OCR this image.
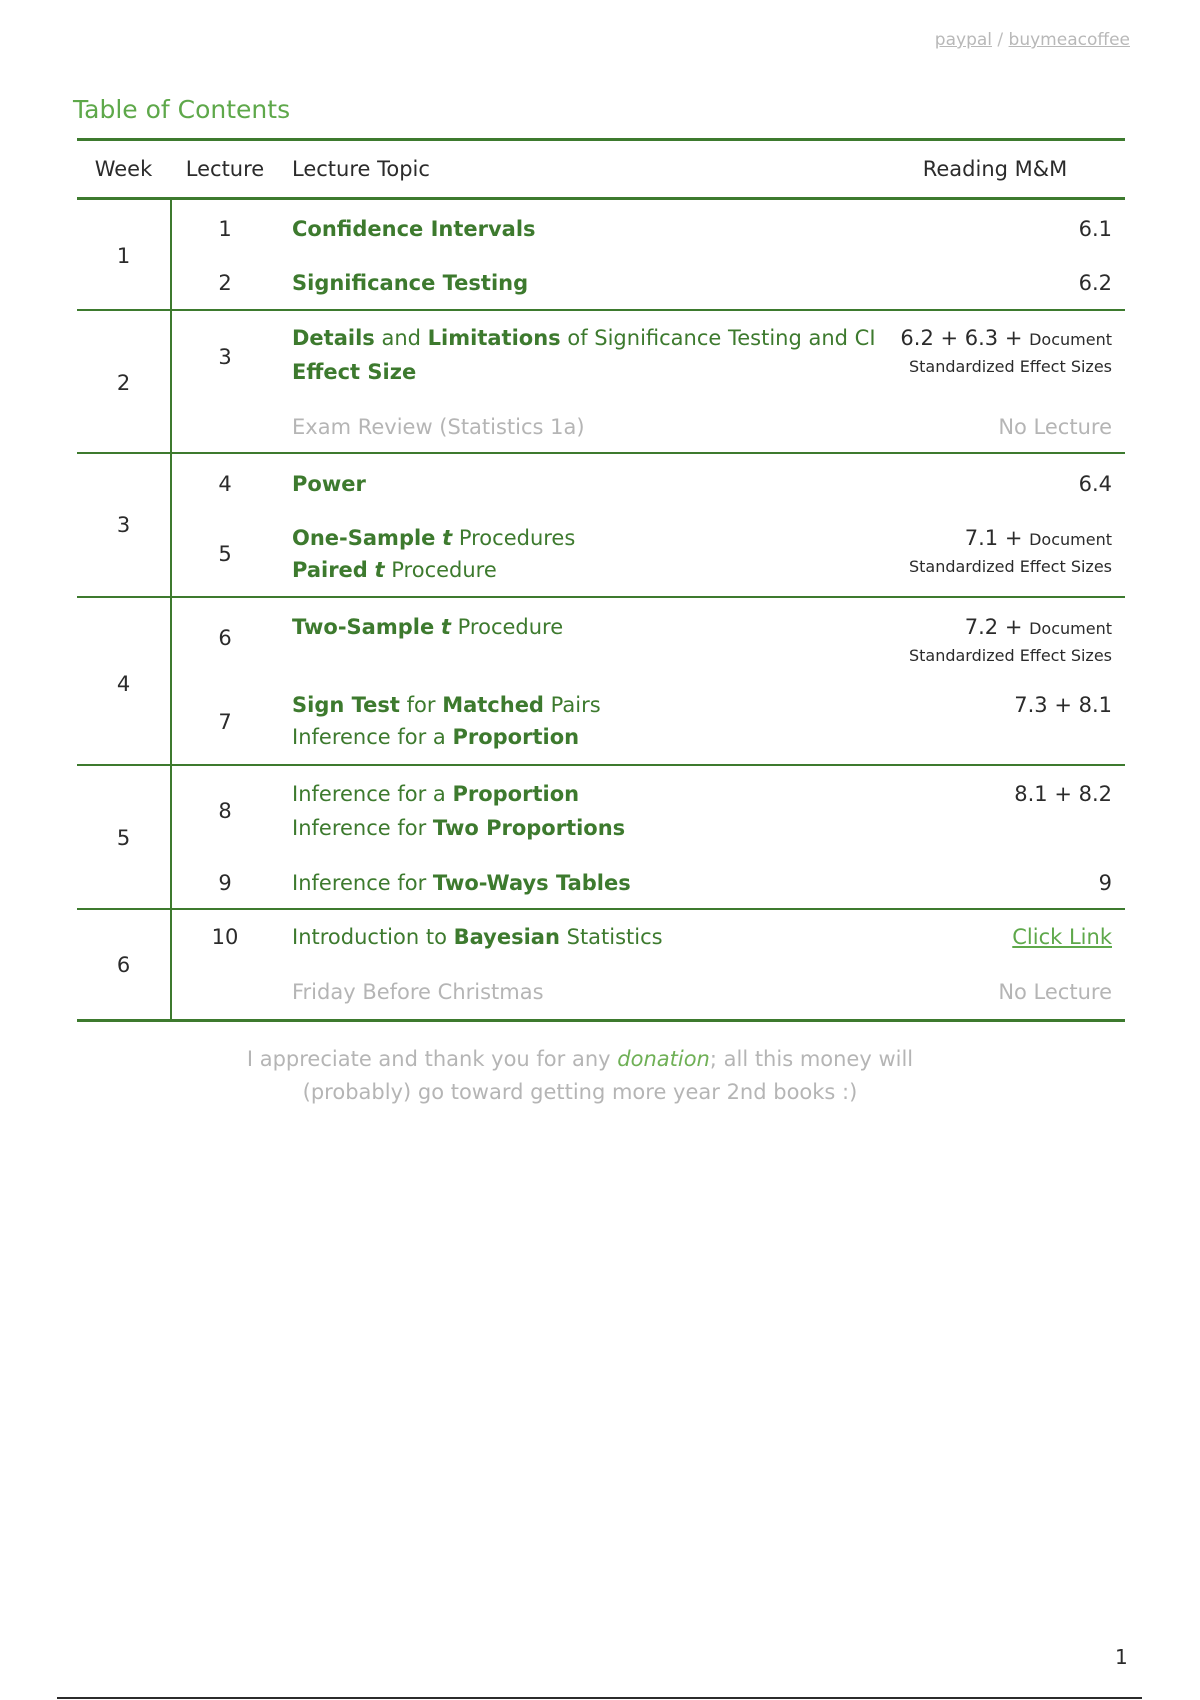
paypal / buymeacoffee
Table of Contents
Week	Lecture Lecture Topic	Reading M&M
1
2
3
4
5
6
1
2
3
4
5
6
7
8
9
10
Confidence Intervals
Significance Testing
Details and Limitations of Significance Testing and CI
Effect Size
Exam Review (Statistics 1a)
Power
One-Sample t Procedures
Paired t Procedure
Two-Sample t Procedure
Sign Test for Matched Pairs
Inference for a Proportion
Inference for a Proportion
Inference for Two Proportions
Inference for Two-Ways Tables
Introduction to Bayesian Statistics
Friday Before Christmas
6.1
6.2
6.2 + 6.3 + Document
Standardized Effect Sizes
No Lecture
6.4
7.1 + Document
Standardized Effect Sizes
7.2 + Document
Standardized Effect Sizes
7.3 + 8.1
8.1 + 8.2
9
Click Link
No Lecture
I appreciate and thank you for any donation; all this money will
(probably) go toward getting more year 2nd books :)
1
